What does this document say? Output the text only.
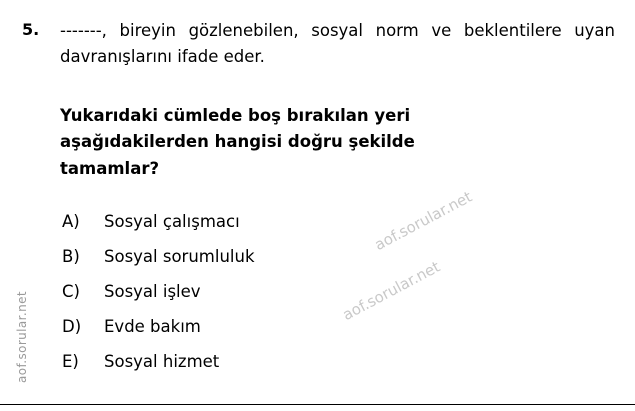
aof.sorular.net
aof.sorular.net
aof.sorular.net
5. -------, bireyin gözlenebilen, sosyal norm ve beklentilere uyan davranışlarını ifade eder.
Yukarıdaki cümlede boş bırakılan yeri
aşağıdakilerden hangisi doğru şekilde
tamamlar?
A)	Sosyal çalışmacı
B)	Sosyal sorumluluk
C)	Sosyal işlev
D)	Evde bakım
E)	Sosyal hizmet
